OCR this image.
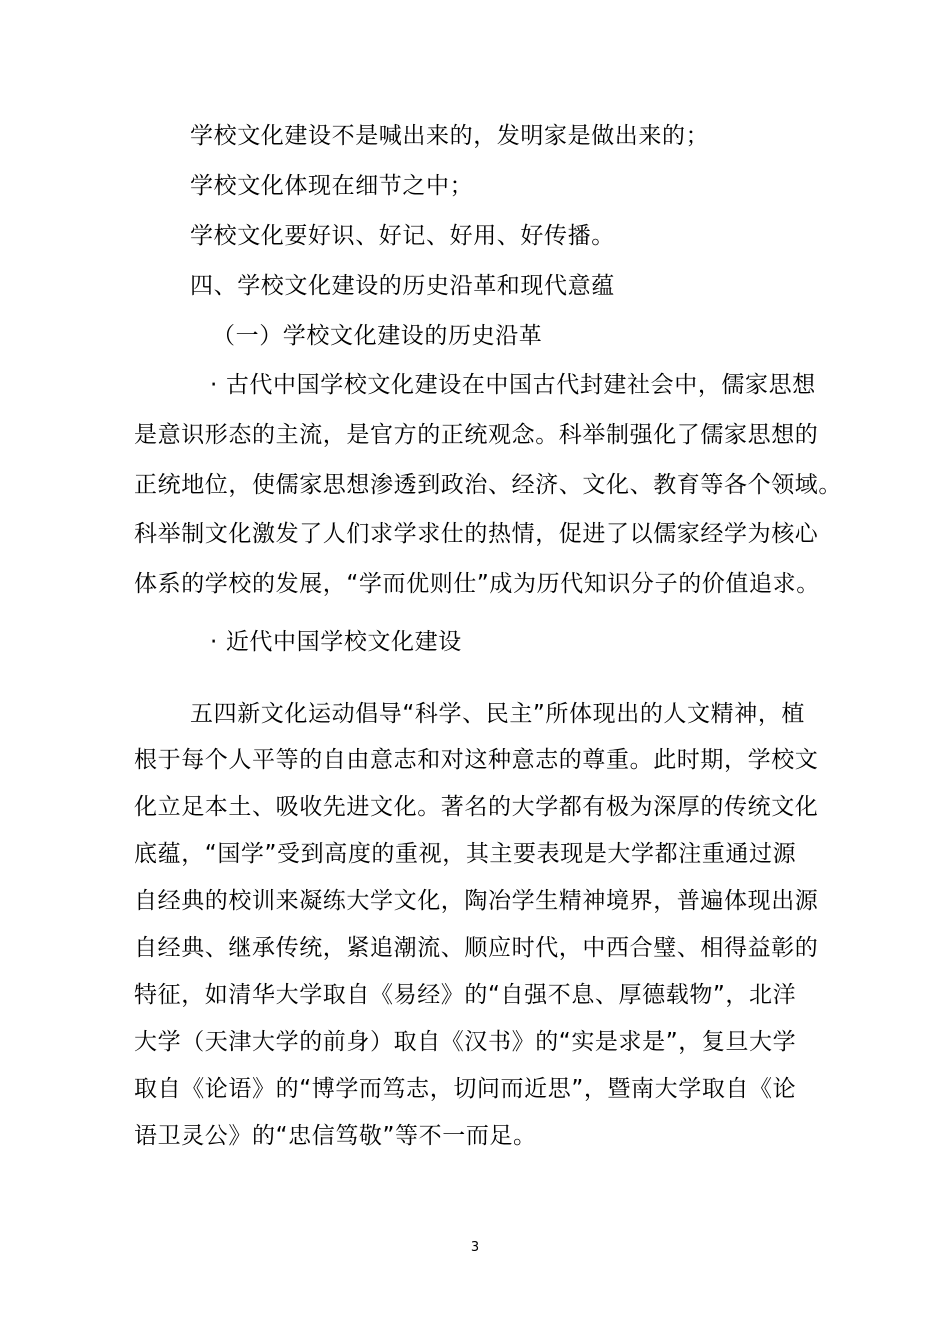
学校文化建设不是喊出来的，发明家是做出来的；
学校文化体现在细节之中；
学校文化要好识、好记、好用、好传播。
四、学校文化建设的历史沿革和现代意蕴
（一）学校文化建设的历史沿革
· 古代中国学校文化建设在中国古代封建社会中，儒家思想
是意识形态的主流，是官方的正统观念。科举制强化了儒家思想的
正统地位，使儒家思想渗透到政治、经济、文化、教育等各个领域。
科举制文化激发了人们求学求仕的热情，促进了以儒家经学为核心
体系的学校的发展，“学而优则仕”成为历代知识分子的价值追求。
· 近代中国学校文化建设
五四新文化运动倡导“科学、民主”所体现出的人文精神，植
根于每个人平等的自由意志和对这种意志的尊重。此时期，学校文
化立足本土、吸收先进文化。著名的大学都有极为深厚的传统文化
底蕴，“国学”受到高度的重视，其主要表现是大学都注重通过源
自经典的校训来凝练大学文化，陶冶学生精神境界，普遍体现出源
自经典、继承传统，紧追潮流、顺应时代，中西合璧、相得益彰的
特征，如清华大学取自《易经》的“自强不息、厚德载物”，北洋
大学（天津大学的前身）取自《汉书》的“实是求是”，复旦大学
取自《论语》的“博学而笃志，切问而近思”，暨南大学取自《论
语卫灵公》的“忠信笃敬”等不一而足。
3
